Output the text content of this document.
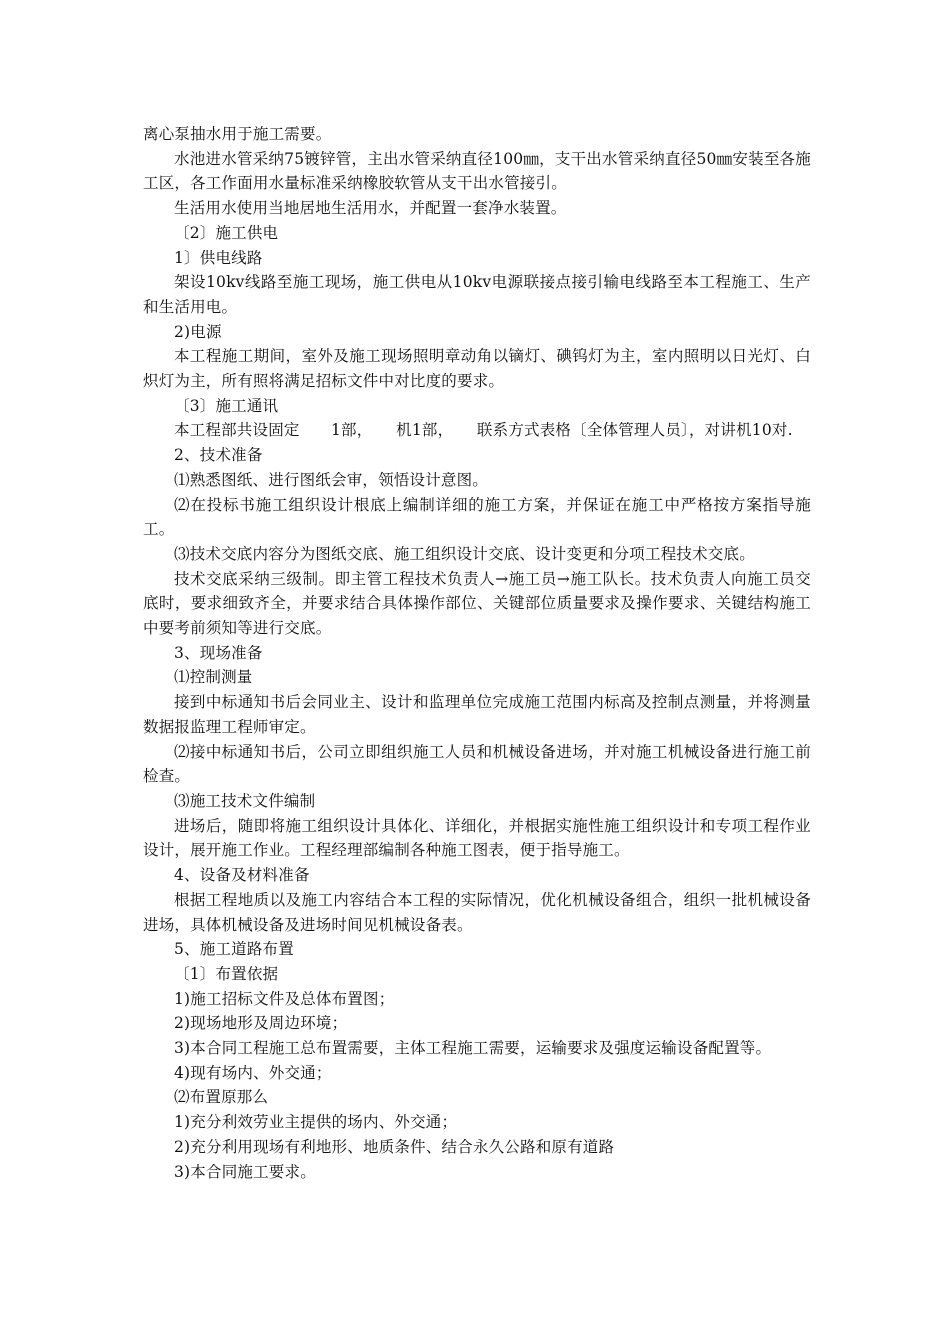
离心泵抽水用于施工需要。

水池进水管采纳75镀锌管，主出水管采纳直径100㎜，支干出水管采纳直径50㎜安装至各施工区，各工作面用水量标准采纳橡胶软管从支干出水管接引。

生活用水使用当地居地生活用水，并配置一套净水装置。

〔2〕施工供电

1〕供电线路

架设10kv线路至施工现场，施工供电从10kv电源联接点接引输电线路至本工程施工、生产和生活用电。

2)电源

本工程施工期间，室外及施工现场照明章动角以镝灯、碘钨灯为主，室内照明以日光灯、白炽灯为主，所有照将满足招标文件中对比度的要求。

〔3〕施工通讯

本工程部共设固定　　1部，　　机1部，　　联系方式表格〔全体管理人员〕，对讲机10对.

2、技术准备

⑴熟悉图纸、进行图纸会审，领悟设计意图。

⑵在投标书施工组织设计根底上编制详细的施工方案，并保证在施工中严格按方案指导施工。

⑶技术交底内容分为图纸交底、施工组织设计交底、设计变更和分项工程技术交底。

技术交底采纳三级制。即主管工程技术负责人→施工员→施工队长。技术负责人向施工员交底时，要求细致齐全，并要求结合具体操作部位、关键部位质量要求及操作要求、关键结构施工中要考前须知等进行交底。

3、现场准备

⑴控制测量

接到中标通知书后会同业主、设计和监理单位完成施工范围内标高及控制点测量，并将测量数据报监理工程师审定。

⑵接中标通知书后，公司立即组织施工人员和机械设备进场，并对施工机械设备进行施工前检查。

⑶施工技术文件编制

进场后，随即将施工组织设计具体化、详细化，并根据实施性施工组织设计和专项工程作业设计，展开施工作业。工程经理部编制各种施工图表，便于指导施工。

4、设备及材料准备

根据工程地质以及施工内容结合本工程的实际情况，优化机械设备组合，组织一批机械设备进场，具体机械设备及进场时间见机械设备表。

5、施工道路布置

〔1〕布置依据

1)施工招标文件及总体布置图；

2)现场地形及周边环境；

3)本合同工程施工总布置需要，主体工程施工需要，运输要求及强度运输设备配置等。

4)现有场内、外交通；

⑵布置原那么

1)充分利效劳业主提供的场内、外交通；

2)充分利用现场有利地形、地质条件、结合永久公路和原有道路

3)本合同施工要求。
